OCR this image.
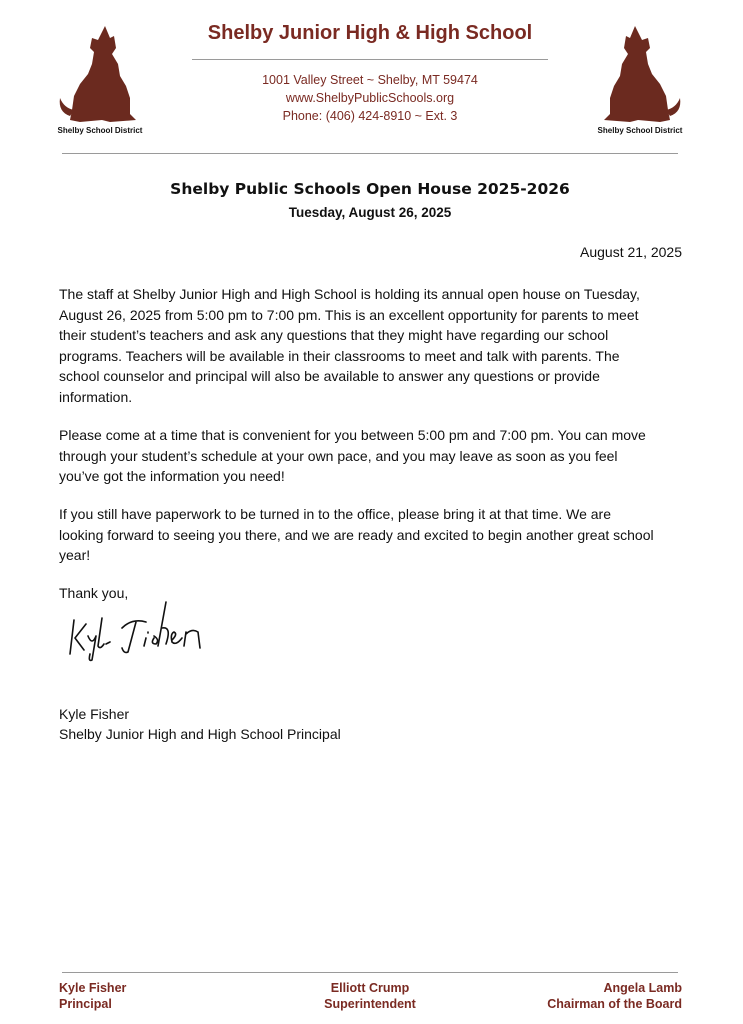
Shelby School District	Shelby School District
Shelby Junior High & High School
1001 Valley Street ~ Shelby, MT 59474
www.ShelbyPublicSchools.org
Phone: (406) 424-8910 ~ Ext. 3
Shelby Public Schools Open House 2025-2026
Tuesday, August 26, 2025
August 21, 2025
The staff at Shelby Junior High and High School is holding its annual open house on Tuesday,
August 26, 2025 from 5:00 pm to 7:00 pm. This is an excellent opportunity for parents to meet
their student’s teachers and ask any questions that they might have regarding our school
programs. Teachers will be available in their classrooms to meet and talk with parents. The
school counselor and principal will also be available to answer any questions or provide
information.
Please come at a time that is convenient for you between 5:00 pm and 7:00 pm. You can move
through your student’s schedule at your own pace, and you may leave as soon as you feel
you’ve got the information you need!
If you still have paperwork to be turned in to the office, please bring it at that time. We are
looking forward to seeing you there, and we are ready and excited to begin another great school
year!
Thank you,
Kyle Fisher
Shelby Junior High and High School Principal
Kyle Fisher
Principal
Elliott Crump
Superintendent
Angela Lamb
Chairman of the Board
